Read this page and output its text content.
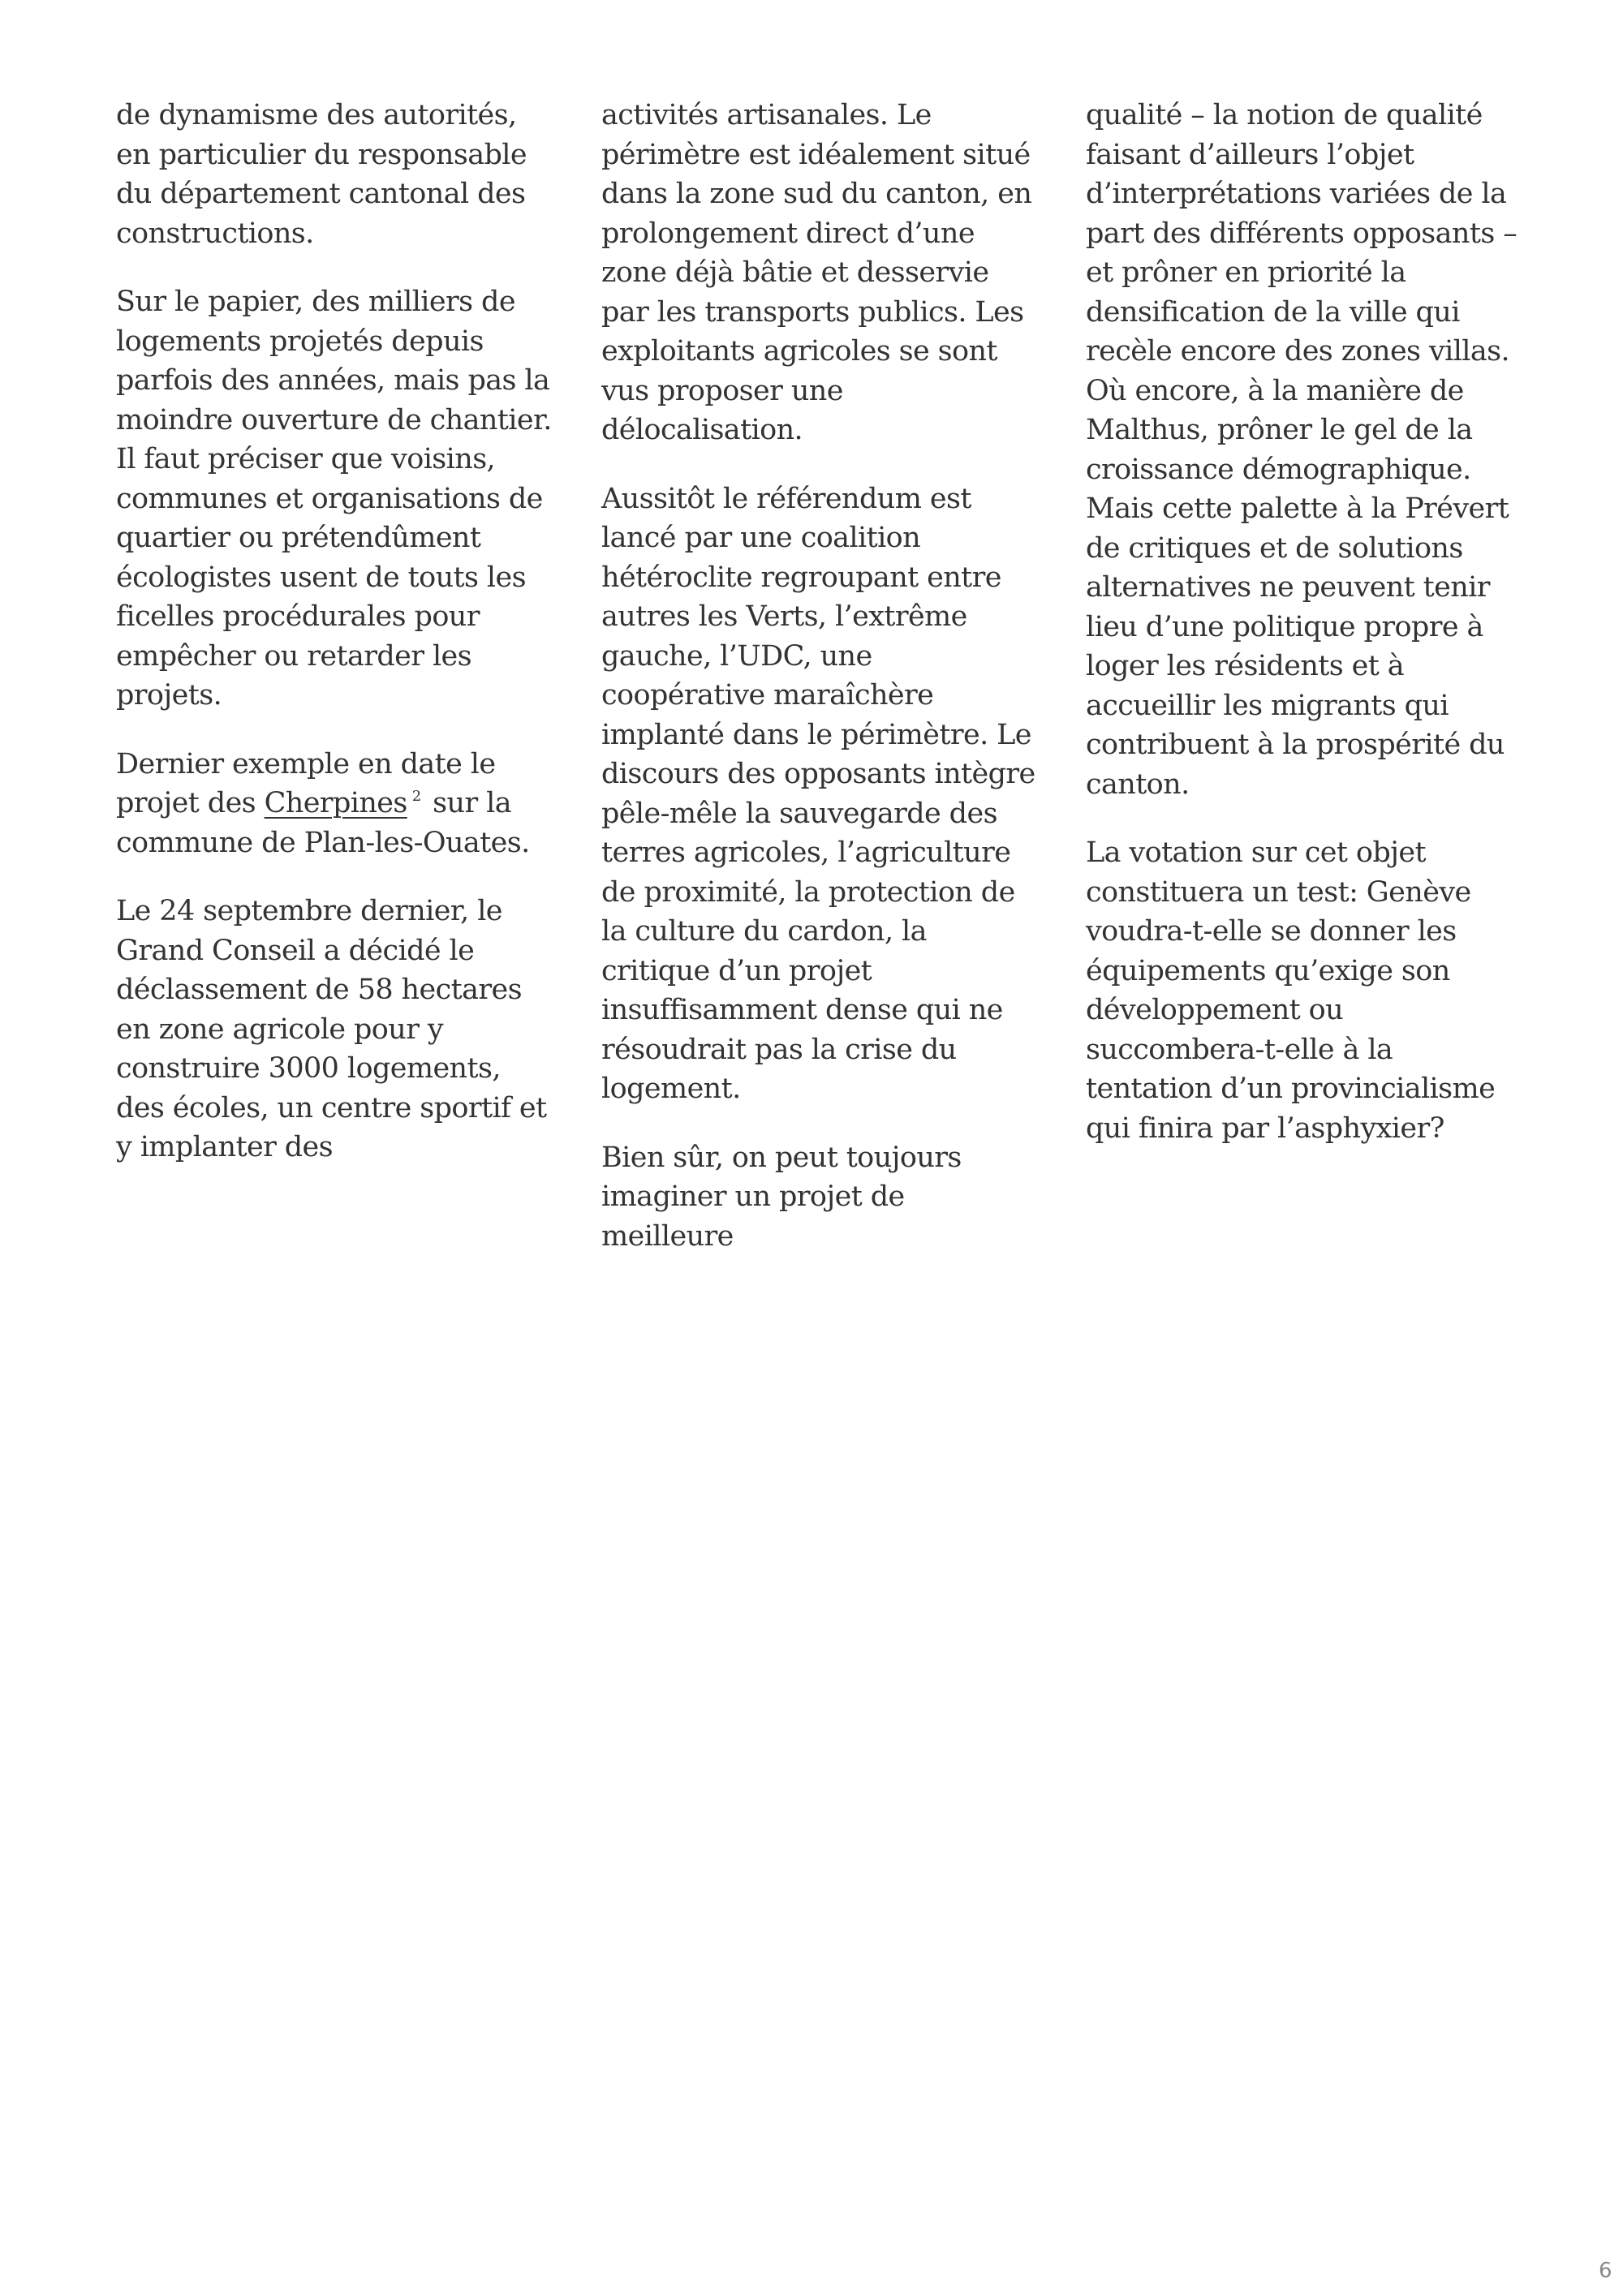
de dynamisme des autorités, en particulier du responsable du département cantonal des constructions.

Sur le papier, des milliers de logements projetés depuis parfois des années, mais pas la moindre ouverture de chantier. Il faut préciser que voisins, communes et organisations de quartier ou prétendûment écologistes usent de touts les ficelles procédurales pour empêcher ou retarder les projets.

Dernier exemple en date le projet des Cherpines $^2$ sur la commune de Plan-les-Ouates.

Le 24 septembre dernier, le Grand Conseil a décidé le déclassement de 58 hectares en zone agricole pour y construire 3000 logements, des écoles, un centre sportif et y implanter des

activités artisanales. Le périmètre est idéalement situé dans la zone sud du canton, en prolongement direct d’une zone déjà bâtie et desservie par les transports publics. Les exploitants agricoles se sont vus proposer une délocalisation.

Aussitôt le référendum est lancé par une coalition hétéroclite regroupant entre autres les Verts, l’extrême gauche, l’UDC, une coopérative maraîchère implanté dans le périmètre. Le discours des opposants intègre pêle-mêle la sauvegarde des terres agricoles, l’agriculture de proximité, la protection de la culture du cardon, la critique d’un projet insuffisamment dense qui ne résoudrait pas la crise du logement.

Bien sûr, on peut toujours imaginer un projet de meilleure

qualité – la notion de qualité faisant d’ailleurs l’objet d’interprétations variées de la part des différents opposants – et prôner en priorité la densification de la ville qui recèle encore des zones villas. Où encore, à la manière de Malthus, prôner le gel de la croissance démographique. Mais cette palette à la Prévert de critiques et de solutions alternatives ne peuvent tenir lieu d’une politique propre à loger les résidents et à accueillir les migrants qui contribuent à la prospérité du canton.

La votation sur cet objet constituera un test: Genève voudra-t-elle se donner les équipements qu’exige son développement ou succombera-t-elle à la tentation d’un provincialisme qui finira par l’asphyxier?

6
